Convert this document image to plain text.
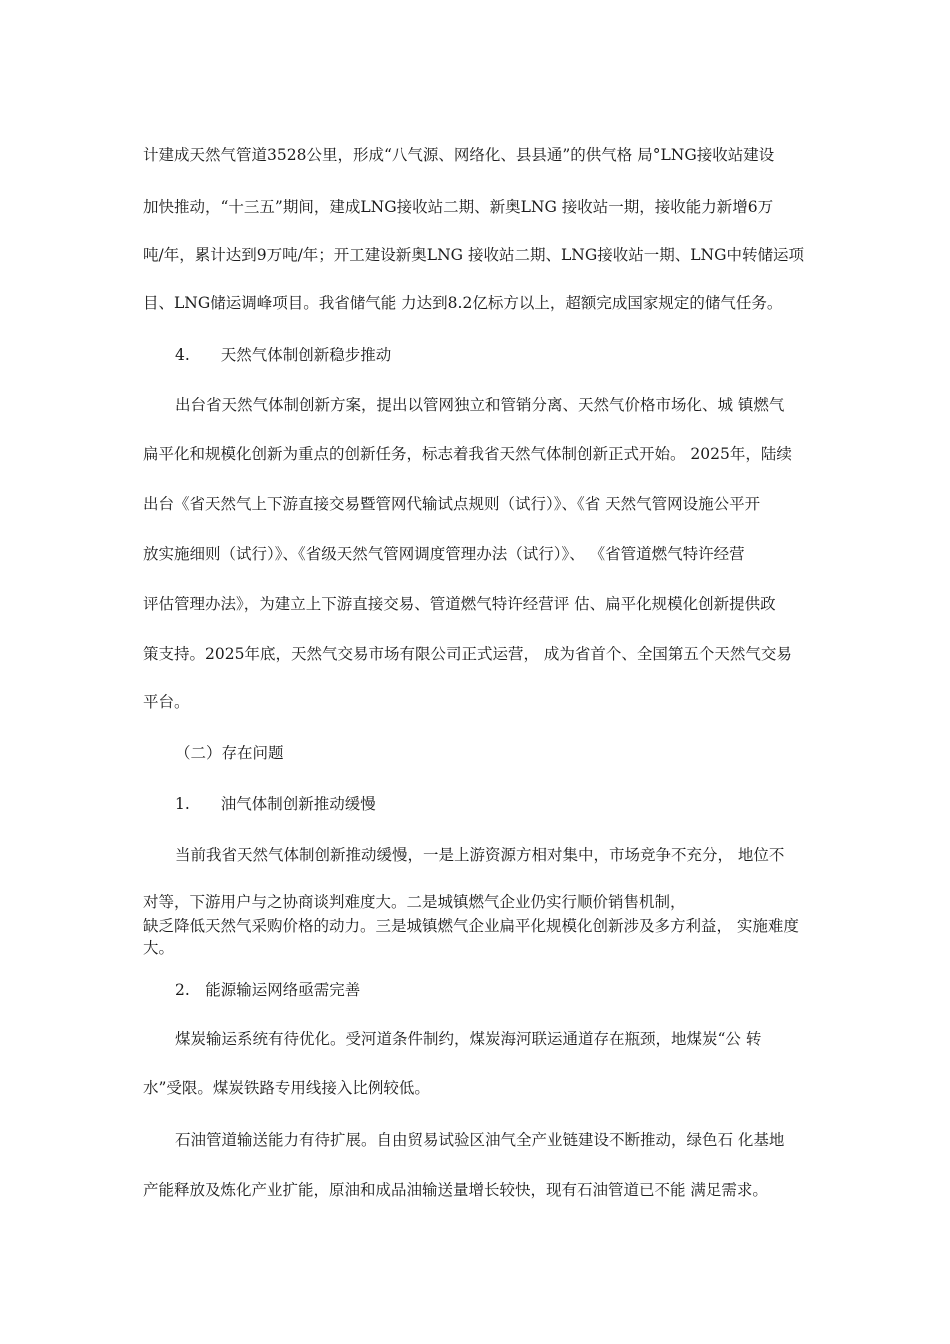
计建成天然气管道3528公里，形成“八气源、网络化、县县通”的供气格 局°LNG接收站建设
加快推动，“十三五”期间，建成LNG接收站二期、新奥LNG 接收站一期，接收能力新增6万
吨/年，累计达到9万吨/年；开工建设新奥LNG 接收站二期、LNG接收站一期、LNG中转储运项
目、LNG储运调峰项目。我省储气能 力达到8.2亿标方以上，超额完成国家规定的储气任务。
4.　　天然气体制创新稳步推动
出台省天然气体制创新方案，提出以管网独立和管销分离、天然气价格市场化、城 镇燃气
扁平化和规模化创新为重点的创新任务，标志着我省天然气体制创新正式开始。 2025年，陆续
出台《省天然气上下游直接交易暨管网代输试点规则（试行）》、《省 天然气管网设施公平开
放实施细则（试行）》、《省级天然气管网调度管理办法（试行）》、 《省管道燃气特许经营
评估管理办法》，为建立上下游直接交易、管道燃气特许经营评 估、扁平化规模化创新提供政
策支持。2025年底，天然气交易市场有限公司正式运营， 成为省首个、全国第五个天然气交易
平台。
（二）存在问题
1.　　油气体制创新推动缓慢
当前我省天然气体制创新推动缓慢，一是上游资源方相对集中，市场竞争不充分， 地位不
对等，下游用户与之协商谈判难度大。二是城镇燃气企业仍实行顺价销售机制，
缺乏降低天然气采购价格的动力。三是城镇燃气企业扁平化规模化创新涉及多方利益， 实施难度大。
2.　能源输运网络亟需完善
煤炭输运系统有待优化。受河道条件制约，煤炭海河联运通道存在瓶颈，地煤炭“公 转
水”受限。煤炭铁路专用线接入比例较低。
石油管道输送能力有待扩展。自由贸易试验区油气全产业链建设不断推动，绿色石 化基地
产能释放及炼化产业扩能，原油和成品油输送量增长较快，现有石油管道已不能 满足需求。
